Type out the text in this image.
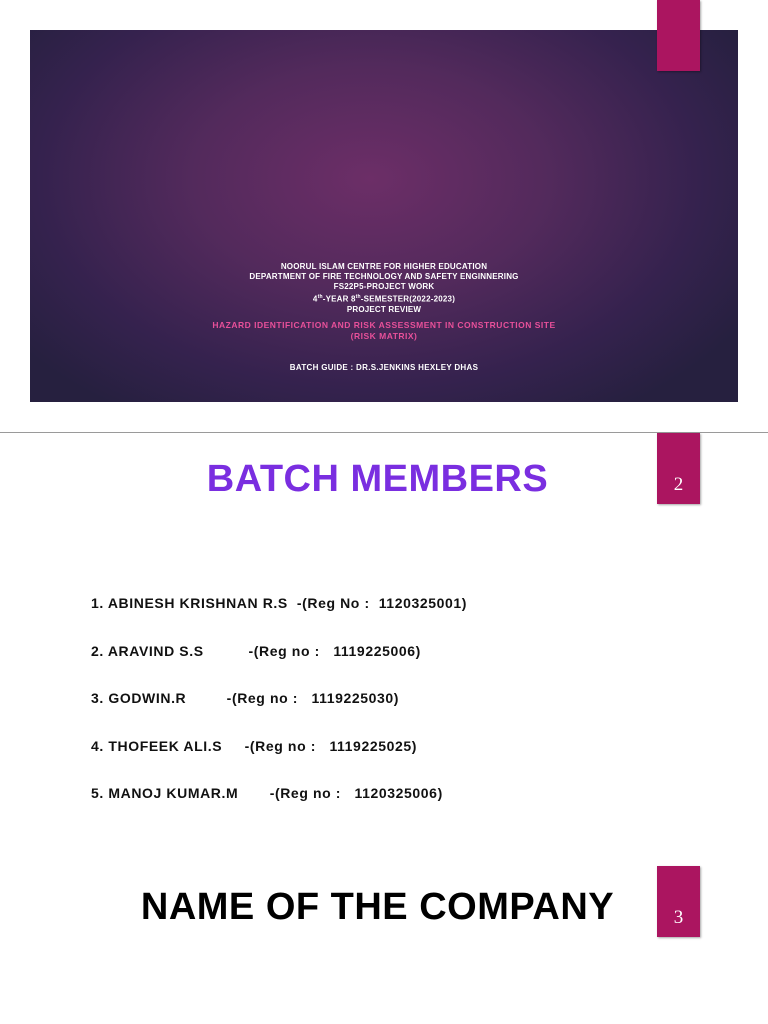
NOORUL ISLAM CENTRE FOR HIGHER EDUCATION
DEPARTMENT OF FIRE TECHNOLOGY AND SAFETY ENGINNERING
FS22P5-PROJECT WORK
4th-YEAR 8th-SEMESTER(2022-2023)
PROJECT REVIEW
HAZARD IDENTIFICATION AND RISK ASSESSMENT IN CONSTRUCTION SITE
(RISK MATRIX)
BATCH GUIDE : DR.S.JENKINS HEXLEY DHAS
2
BATCH MEMBERS
1. ABINESH KRISHNAN R.S  -(Reg No :  1120325001)
2. ARAVIND S.S          -(Reg no :   1119225006)
3. GODWIN.R         -(Reg no :   1119225030)
4. THOFEEK ALI.S     -(Reg no :   1119225025)
5. MANOJ KUMAR.M       -(Reg no :   1120325006)
3
NAME OF THE COMPANY
